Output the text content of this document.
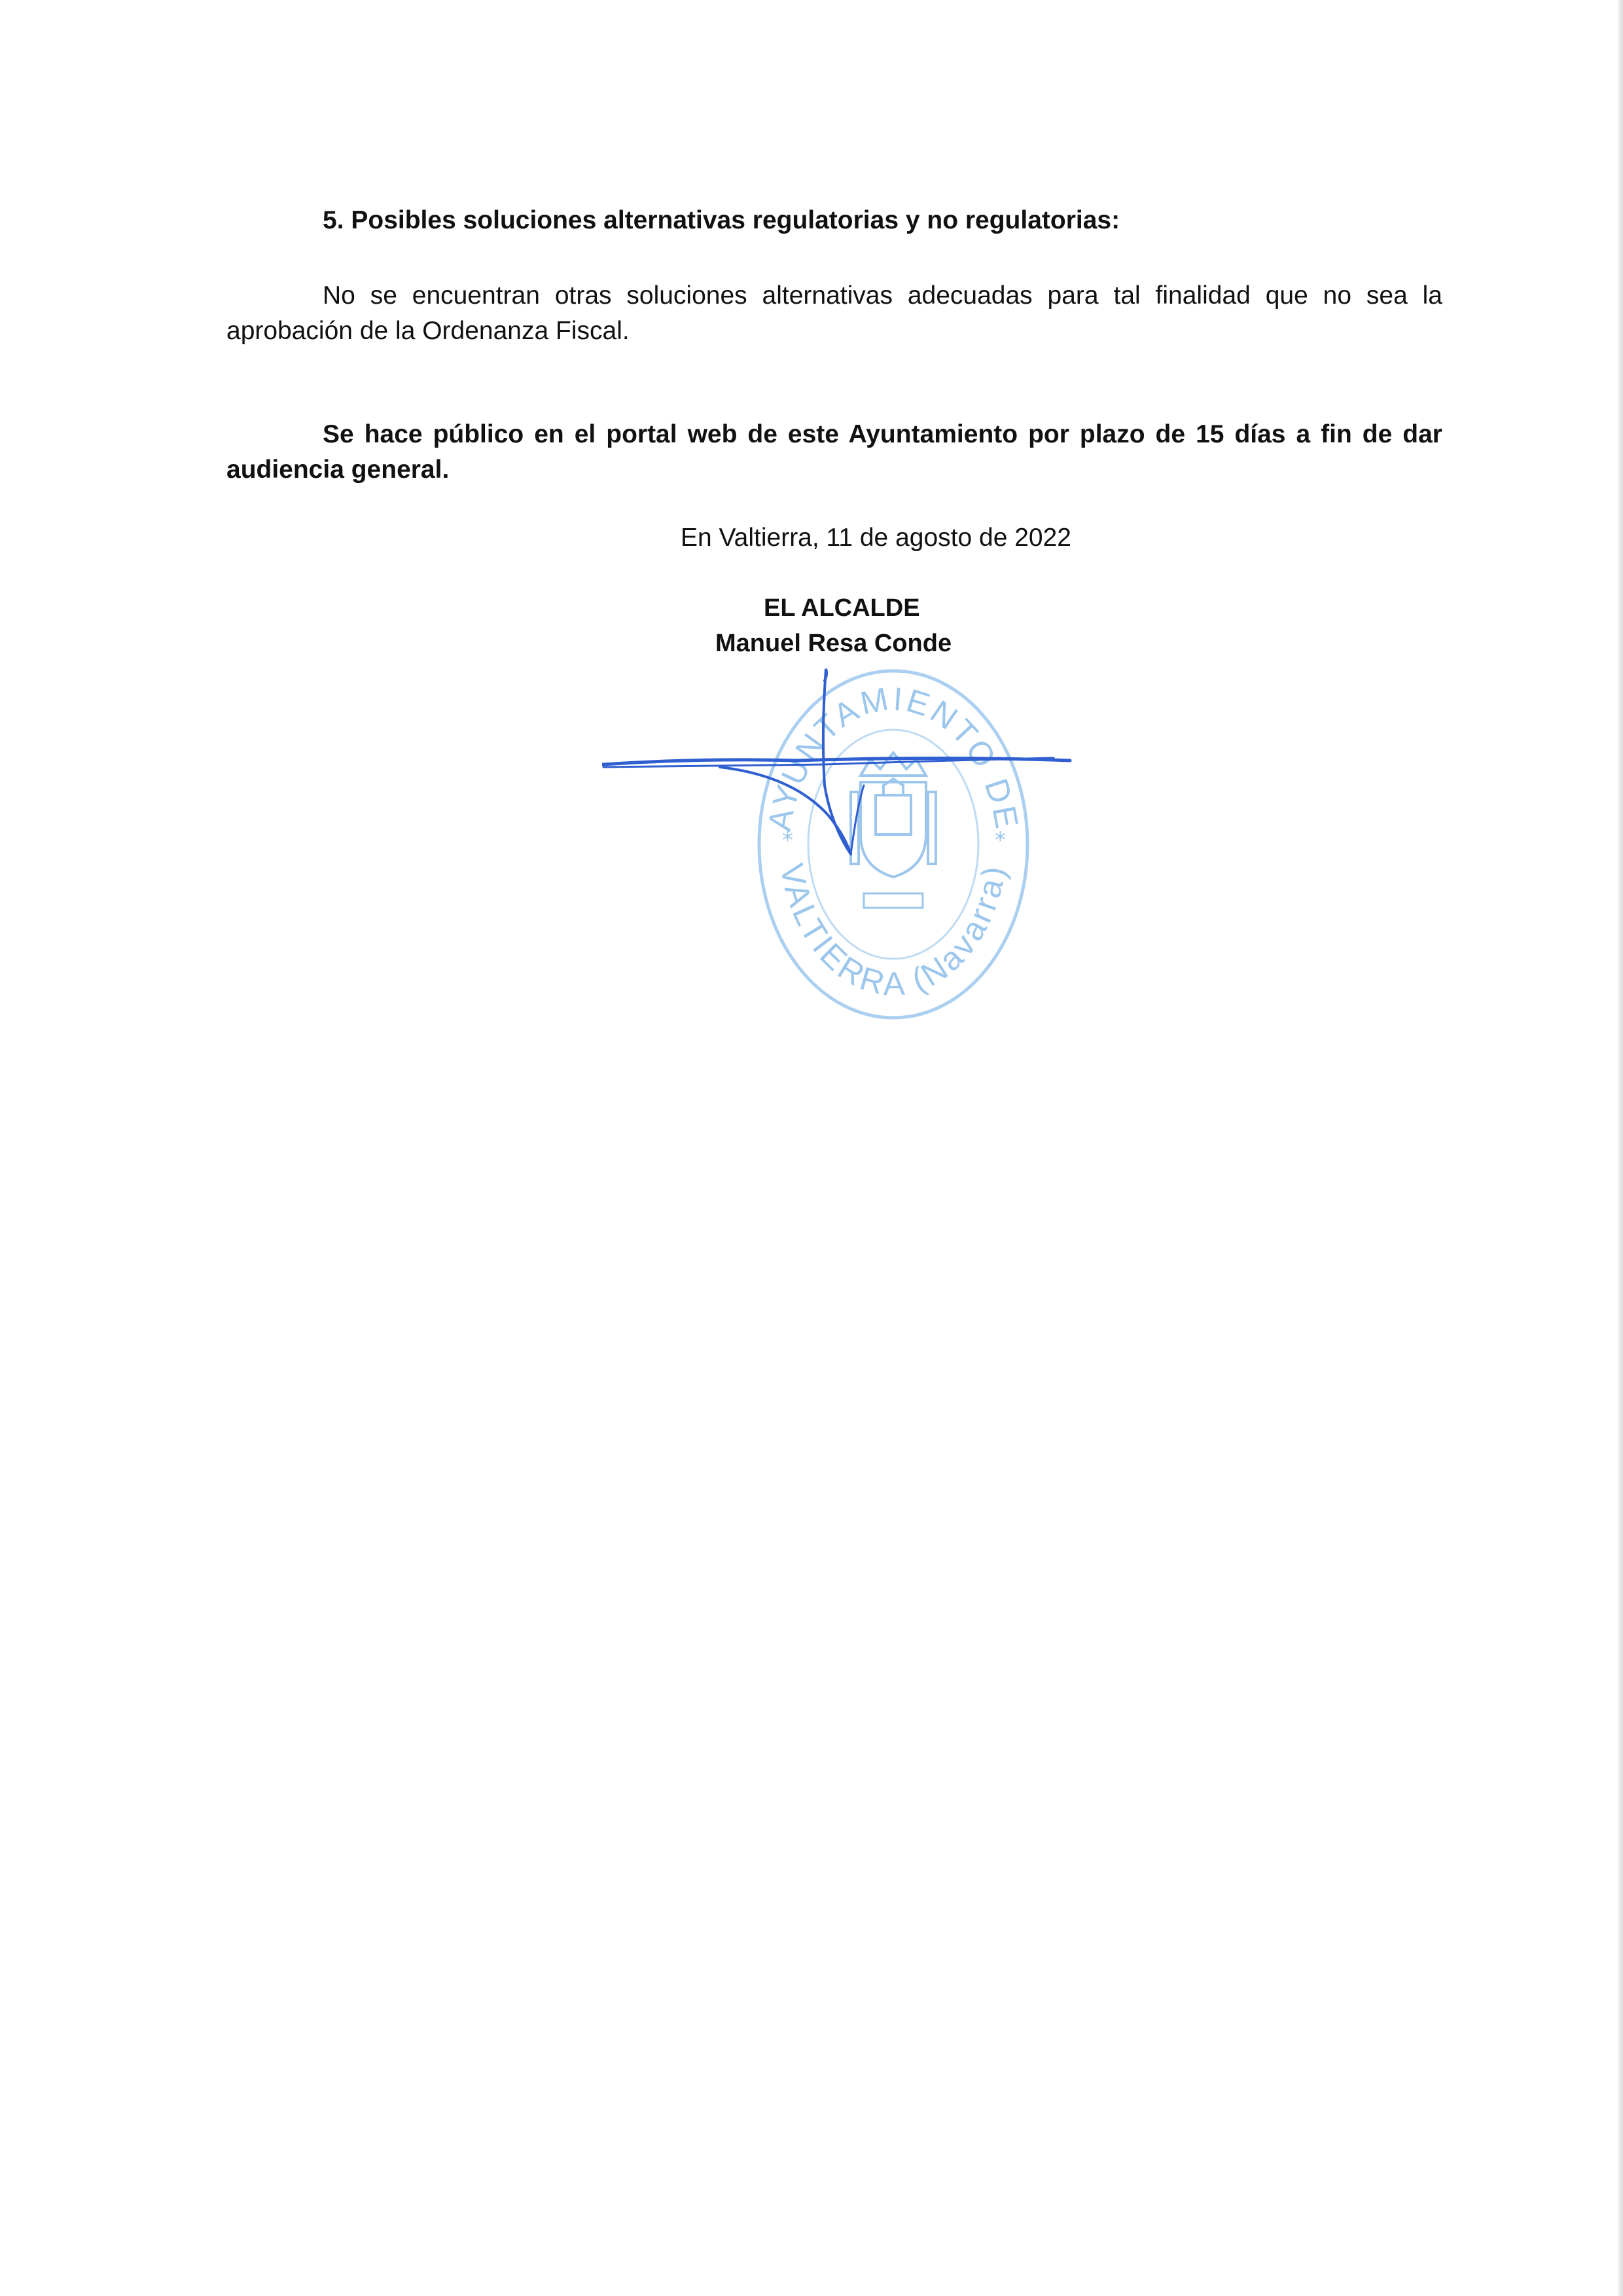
5. Posibles soluciones alternativas regulatorias y no regulatorias:

No se encuentran otras soluciones alternativas adecuadas para tal finalidad que no sea la aprobación de la Ordenanza Fiscal.

Se hace público en el portal web de este Ayuntamiento por plazo de 15 días a fin de dar audiencia general.

En Valtierra, 11 de agosto de 2022
EL ALCALDE
Manuel Resa Conde
AYUNTAMIENTO DE
VALTIERRA (Navarra)
*	*
